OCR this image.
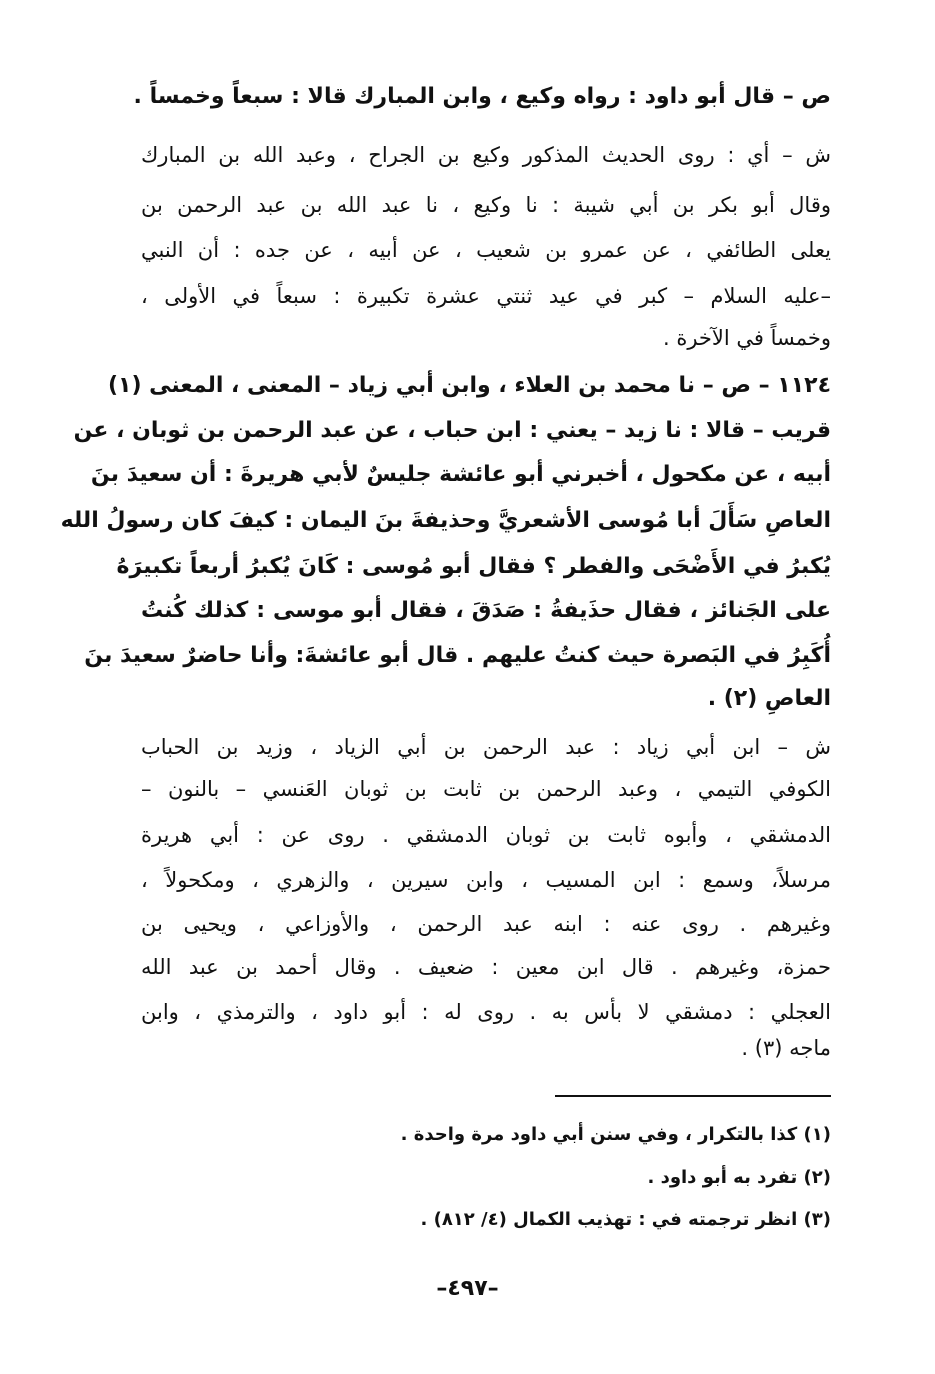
ص – قال أبو داود : رواه وكيع ، وابن المبارك قالا : سبعاً وخمساً .
ش – أي : روى الحديث المذكور وكيع بن الجراح ، وعبد الله بن المبارك
وقال أبو بكر بن أبي شيبة : نا وكيع ، نا عبد الله بن عبد الرحمن بن
يعلى الطائفي ، عن عمرو بن شعيب ، عن أبيه ، عن جده : أن النبي
–عليه السلام – كبر في عيد ثنتي عشرة تكبيرة : سبعاً في الأولى ،
وخمساً في الآخرة .
١١٢٤ – ص – نا محمد بن العلاء ، وابن أبي زياد – المعنى ، المعنى (١)
قريب – قالا : نا زيد – يعني : ابن حباب ، عن عبد الرحمن بن ثوبان ، عن
أبيه ، عن مكحول ، أخبرني أبو عائشة جليسٌ لأبي هريرةَ : أن سعيدَ بنَ
العاصِ سَأَلَ أبا مُوسى الأشعريَّ وحذيفةَ بنَ اليمان : كيفَ كان رسولُ الله
يُكبرُ في الأَضْحَى والفطر ؟ فقال أبو مُوسى : كَانَ يُكبرُ أربعاً تكبيرَهُ
على الجَنائز ، فقال حذَيفةُ : صَدَقَ ، فقال أبو موسى : كذلك كُنتُ
أُكَبِرُ في البَصرة حيث كنتُ عليهم . قال أبو عائشةَ: وأنا حاضرٌ سعيدَ بنَ
العاصِ (٢) .
ش – ابن أبي زياد : عبد الرحمن بن أبي الزياد ، وزيد بن الحباب
الكوفي التيمي ، وعبد الرحمن بن ثابت بن ثوبان العَنسي – بالنون –
الدمشقي ، وأبوه ثابت بن ثوبان الدمشقي . روى عن : أبي هريرة
مرسلاً، وسمع : ابن المسيب ، وابن سيرين ، والزهري ، ومكحولاً ،
وغيرهم . روى عنه : ابنه عبد الرحمن ، والأوزاعي ، ويحيى بن
حمزة، وغيرهم . قال ابن معين : ضعيف . وقال أحمد بن عبد الله
العجلي : دمشقي لا بأس به . روى له : أبو داود ، والترمذي ، وابن
ماجه (٣) .
(١) كذا بالتكرار ، وفي سنن أبي داود مرة واحدة .
(٢) تفرد به أبو داود .
(٣) انظر ترجمته في : تهذيب الكمال (٤/ ٨١٢) .
–٤٩٧–
